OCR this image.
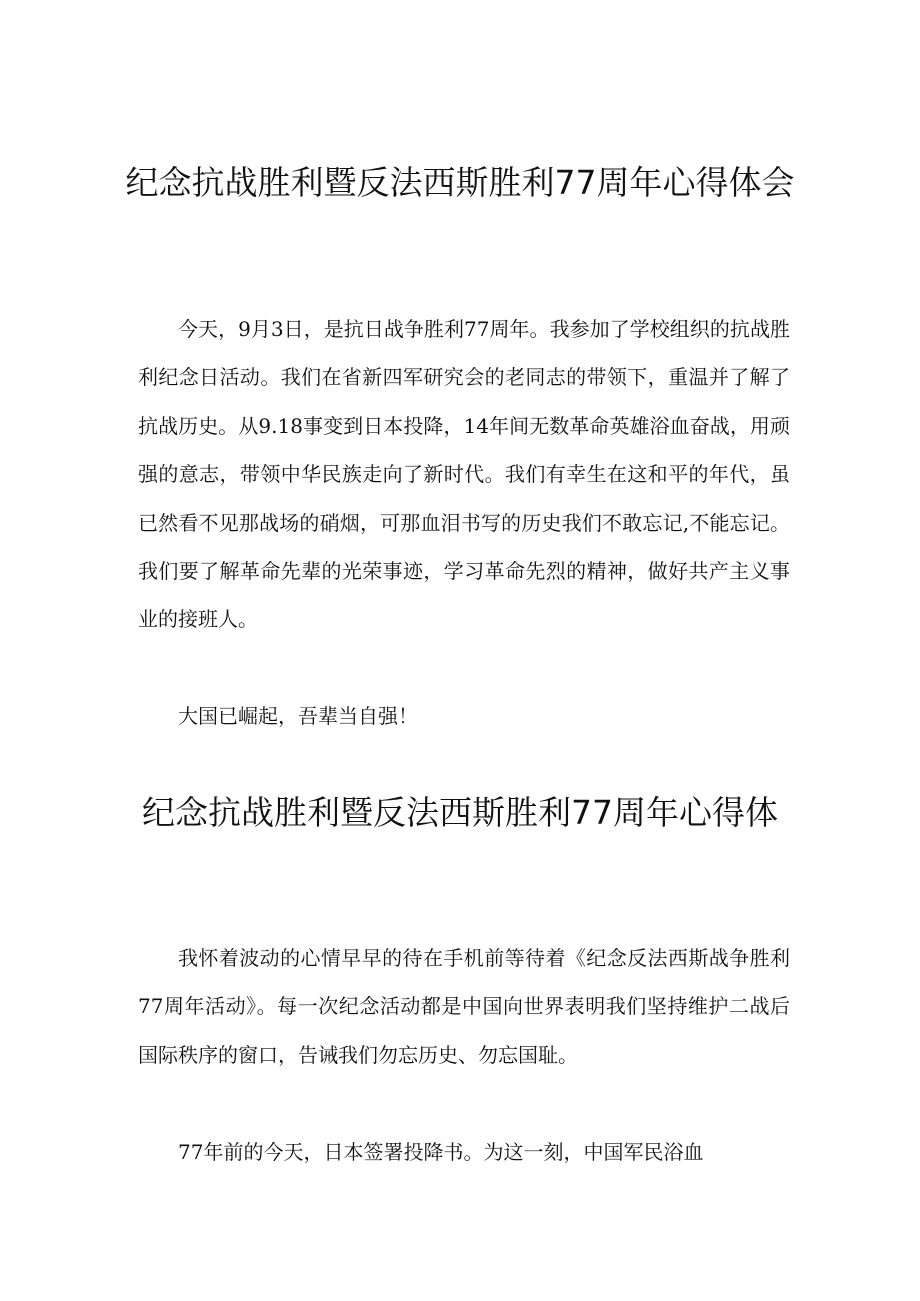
纪念抗战胜利暨反法西斯胜利77周年心得体会

今天，9月3日，是抗日战争胜利77周年。我参加了学校组织的抗战胜利纪念日活动。我们在省新四军研究会的老同志的带领下，重温并了解了抗战历史。从9.18事变到日本投降，14年间无数革命英雄浴血奋战，用顽强的意志，带领中华民族走向了新时代。我们有幸生在这和平的年代，虽已然看不见那战场的硝烟，可那血泪书写的历史我们不敢忘记,不能忘记。我们要了解革命先辈的光荣事迹，学习革命先烈的精神，做好共产主义事业的接班人。

大国已崛起，吾辈当自强！

纪念抗战胜利暨反法西斯胜利77周年心得体

我怀着波动的心情早早的待在手机前等待着《纪念反法西斯战争胜利77周年活动》。每一次纪念活动都是中国向世界表明我们坚持维护二战后国际秩序的窗口，告诫我们勿忘历史、勿忘国耻。

77年前的今天，日本签署投降书。为这一刻，中国军民浴血
